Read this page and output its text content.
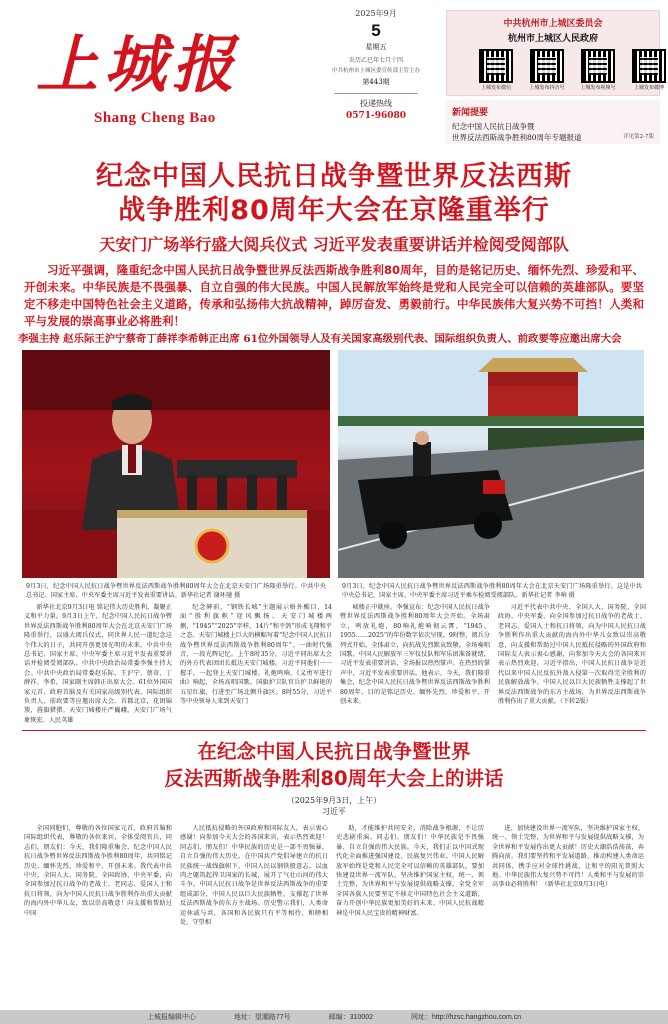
上城报
Shang Cheng Bao
2025年9月
5
星期五
农历乙巳年七月十四
中共杭州市上城区委宣传部主管主办
第443期
投递热线
0571-96080
中共杭州市上城区委员会
杭州市上城区人民政府
上城发布微信	上城发布抖音号	上城发布视频号	上城发布微博
新闻提要
纪念中国人民抗日战争暨
世界反法西斯战争胜利80周年专题报道	详见第2-7版
纪念中国人民抗日战争暨世界反法西斯
战争胜利80周年大会在京隆重举行
天安门广场举行盛大阅兵仪式 习近平发表重要讲话并检阅受阅部队
习近平强调，隆重纪念中国人民抗日战争暨世界反法西斯战争胜利80周年，目的是铭记历史、缅怀先烈、珍爱和平、开创未来。中华民族是不畏强暴、自立自强的伟大民族。中国人民解放军始终是党和人民完全可以信赖的英雄部队。要坚定不移走中国特色社会主义道路，传承和弘扬伟大抗战精神，踔厉奋发、勇毅前行。中华民族伟大复兴势不可挡！人类和平与发展的崇高事业必将胜利！
李强主持 赵乐际王沪宁蔡奇丁薛祥李希韩正出席 61位外国领导人及有关国家高级别代表、国际组织负责人、前政要等应邀出席大会
9月3日，纪念中国人民抗日战争暨世界反法西斯战争胜利80周年大会在北京天安门广场隆重举行。中共中央总书记、国家主席、中央军委主席习近平发表重要讲话。新华社记者 谢环驰 摄
9月3日，纪念中国人民抗日战争暨世界反法西斯战争胜利80周年大会在北京天安门广场隆重举行。这是中共中央总书记、国家主席、中央军委主席习近平乘车检阅受阅部队。新华社记者 李响 摄
新华社北京9月3日电 铭记伟大历史胜利，凝聚正义和平力量。9月3日上午，纪念中国人民抗日战争暨世界反法西斯战争胜利80周年大会在北京天安门广场隆重举行，以盛大阅兵仪式，同世界人民一道纪念这个伟大的日子，共同开创更加光明的未来。中共中央总书记、国家主席、中央军委主席习近平发表重要讲话并检阅受阅部队。中共中央政治局常委李强主持大会。中共中央政治局常委赵乐际、王沪宁、蔡奇、丁薛祥、李希，国家副主席韩正出席大会。61位外国国家元首、政府首脑及有关国家高级别代表、国际组织负责人、前政要等应邀出席大会。首都北京，花团锦簇，旌旗猎猎。天安门城楼庄严巍峨，天安门广场气象恢宏。人民英雄
纪念碑前，“钢铁长城”主题展示格外醒目，14面“胜利旗帜”迎风飘扬。天安门城楼两侧，“1945”“2025”字样，14片“和平鸽”形成飞翔和平之态。天安门城楼上巨大的横幅写着“纪念中国人民抗日战争暨世界反法西斯战争胜利80周年”。一曲时代强音，一段光辉记忆。上午8时35分，习近平同出席大会的外方代表团团长抵达天安门城楼。习近平同他们一一握手，一起登上天安门城楼。礼炮鸣响，《义勇军进行曲》响起，全场高唱国歌。国旗护卫队官兵护卫鲜艳的五星红旗，行进至广场北侧升旗区。8时55分，习近平等中央领导人来到天安门
城楼正中就座。李强宣布：纪念中国人民抗日战争暨世界反法西斯战争胜利80周年大会开始。全场肃立，鸣放礼炮，80响礼炮响彻云霄，“1945、1955……2025”的年份数字依次呈现。9时整，阅兵分列式开始。全体肃立，向抗战先烈默哀致敬。全场奏唱国歌。中国人民解放军三军仪仗队和军乐团准备就绪，习近平发表重要讲话，全场报以热烈掌声。在热烈的掌声中，习近平发表重要讲话。他表示，今天，我们隆重集会，纪念中国人民抗日战争暨世界反法西斯战争胜利80周年，目的是铭记历史、缅怀先烈、珍爱和平、开创未来。
习近平代表中共中央、全国人大、国务院、全国政协、中央军委，向全国参加过抗日战争的老战士、老同志、爱国人士和抗日将领，向为中国人民抗日战争胜利作出重大贡献的海内外中华儿女致以崇高敬意，向支援和帮助过中国人民抵抗侵略的外国政府和国际友人表示衷心感谢，向参加今天大会的各国来宾表示热烈欢迎。习近平指出，中国人民抗日战争是近代以来中国人民反抗外敌入侵第一次取得完全胜利的民族解放战争。中国人民以巨大民族牺牲支撑起了世界反法西斯战争的东方主战场，为世界反法西斯战争胜利作出了重大贡献。（下转2版）
在纪念中国人民抗日战争暨世界
反法西斯战争胜利80周年大会上的讲话
（2025年9月3日，上午）
习近平
全国同胞们，尊敬的各位国家元首、政府首脑和国际组织代表，尊敬的各位来宾，全体受阅官兵，同志们，朋友们：今天，我们隆重集会，纪念中国人民抗日战争暨世界反法西斯战争胜利80周年，共同铭记历史、缅怀先烈、珍爱和平、开创未来。我代表中共中央、全国人大、国务院、全国政协、中央军委，向全国参加过抗日战争的老战士、老同志、爱国人士和抗日将领，向为中国人民抗日战争胜利作出重大贡献的海内外中华儿女，致以崇高敬意！向支援和帮助过中国
人民抵抗侵略的外国政府和国际友人，表示衷心感谢！向参加今天大会的各国来宾，表示热烈欢迎！同志们、朋友们！中华民族的历史是一部不畏强暴、自立自强的伟大历史。在中国共产党倡导建立的抗日民族统一战线旗帜下，中国人民以钢铁般意志，以血肉之躯筑起捍卫国家的长城，展开了气壮山河的伟大斗争。中国人民抗日战争是世界反法西斯战争的重要组成部分，中国人民以巨大民族牺牲，支撑起了世界反法西斯战争的东方主战场。历史警示我们，人类命运休戚与共，各国和各民族只有平等相待、和睦相处、守望相
助，才能维护共同安全，消除战争根源，不让历史悲剧重演。同志们、朋友们！中华民族是不畏强暴、自立自强的伟大民族。今天，我们正以中国式现代化全面推进强国建设、民族复兴伟业。中国人民解放军始终是党和人民完全可以信赖的英雄部队，要加快建设世界一流军队，坚决维护国家主权、统一、领土完整，为世界和平与发展提供战略支撑。全党全军全国各族人民要坚定不移走中国特色社会主义道路，奋力开创中华民族更加美好的未来。中国人民抗战精神是中国人民宝贵的精神财富。
进，加快建设世界一流军队，坚决维护国家主权、统一、领土完整，为世界和平与发展提供战略支撑，为全世界和平发展作出更大贡献！历史大潮浩浩荡荡，奔腾向前。我们要坚持和平发展道路，推动构建人类命运共同体，携手应对全球性挑战，让和平的阳光普照大地。中华民族伟大复兴势不可挡！人类和平与发展的崇高事业必将胜利！（新华社北京9月3日电）
上城报编辑中心	地址：望潮路77号	邮编：310002	网址：http://hzsc.hangzhou.com.cn
